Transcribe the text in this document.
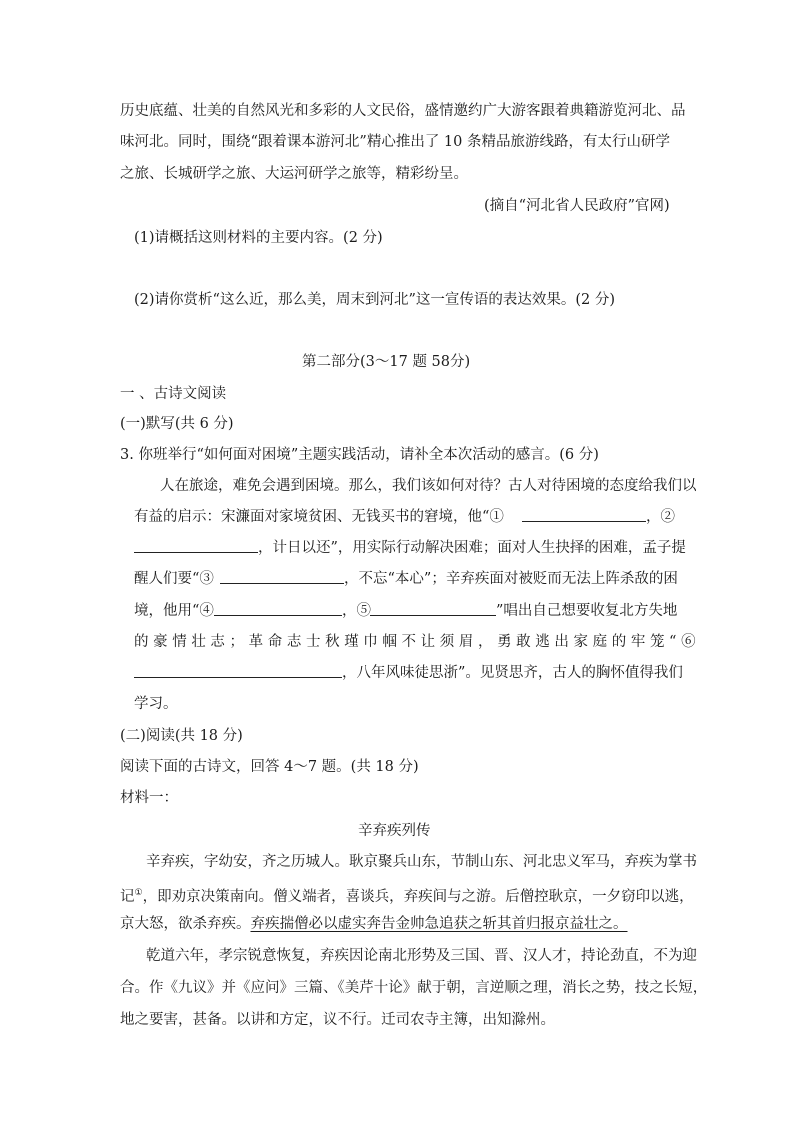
历史底蕴、壮美的自然风光和多彩的人文民俗，盛情邀约广大游客跟着典籍游览河北、品
味河北。同时，围绕“跟着课本游河北”精心推出了 10 条精品旅游线路，有太行山研学
之旅、长城研学之旅、大运河研学之旅等，精彩纷呈。
(摘自“河北省人民政府”官网)
(1)请概括这则材料的主要内容。(2 分)
(2)请你赏析“这么近，那么美，周末到河北”这一宣传语的表达效果。(2 分)
第二部分(3～17 题 58分)
一 、古诗文阅读
(一)默写(共 6 分)
3. 你班举行“如何面对困境”主题实践活动，请补全本次活动的感言。(6 分)
人在旅途，难免会遇到困境。那么，我们该如何对待？古人对待困境的态度给我们以
有益的启示：宋濂面对家境贫困、无钱买书的窘境，他“①	，②
，计日以还”，用实际行动解决困难；面对人生抉择的困难，孟子提
醒人们要“③	，不忘“本心”；辛弃疾面对被贬而无法上阵杀敌的困
境，他用“④	，⑤	”唱出自己想要收复北方失地
的 豪 情 壮 志 ； 革 命 志 士 秋 瑾 巾 帼 不 让 须 眉 ， 勇 敢 逃 出 家 庭 的 牢 笼 “ ⑥
，八年风味徒思浙”。见贤思齐，古人的胸怀值得我们
学习。
(二)阅读(共 18 分)
阅读下面的古诗文，回答 4～7 题。(共 18 分)
材料一：
辛弃疾列传
辛弃疾，字幼安，齐之历城人。耿京聚兵山东，节制山东、河北忠义军马，弃疾为掌书
记①，即劝京决策南向。僧义端者，喜谈兵，弃疾间与之游。后僧控耿京，一夕窃印以逃，
京大怒，欲杀弃疾。弃疾揣僧必以虚实奔告金帅急追获之斩其首归报京益壮之。
乾道六年，孝宗锐意恢复，弃疾因论南北形势及三国、晋、汉人才，持论劲直，不为迎
合。作《九议》并《应问》三篇、《美芹十论》献于朝，言逆顺之理，消长之势，技之长短，
地之要害，甚备。以讲和方定，议不行。迁司农寺主簿，出知滁州。
